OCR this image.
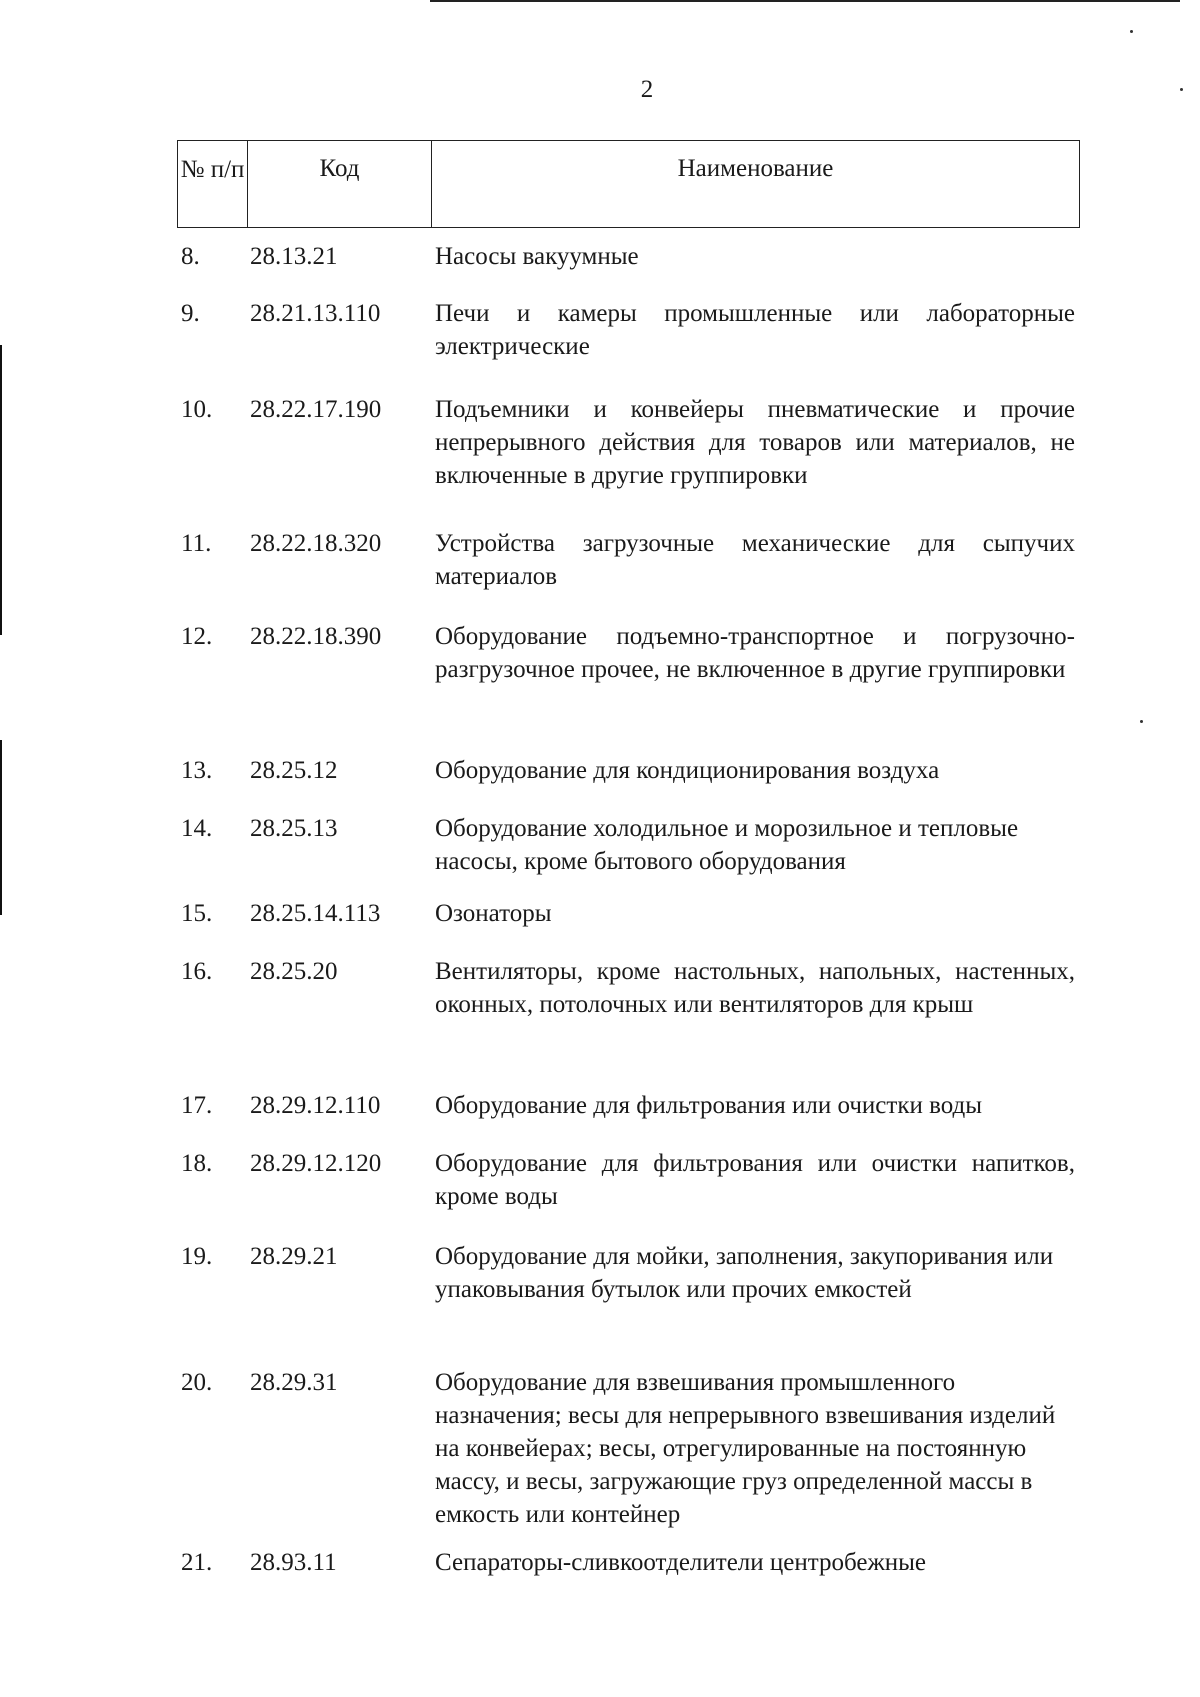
2
№ п/п	Код	Наименование
8. 28.13.21	Насосы вакуумные
9. 28.21.13.110 Печи и камеры промышленные или лабораторные электрические
10. 28.22.17.190 Подъемники и конвейеры пневматические и прочие непрерывного действия для товаров или материалов, не включенные в другие группировки
11. 28.22.18.320 Устройства загрузочные механические для сыпучих материалов
12. 28.22.18.390 Оборудование подъемно-транспортное и погрузочно-разгрузочное прочее, не включенное в другие группировки
13. 28.25.12	Оборудование для кондиционирования воздуха
14. 28.25.13	Оборудование холодильное и морозильное и тепловые насосы, кроме бытового оборудования
15. 28.25.14.113 Озонаторы
16. 28.25.20	Вентиляторы, кроме настольных, напольных, настенных, оконных, потолочных или вентиляторов для крыш
17. 28.29.12.110 Оборудование для фильтрования или очистки воды
18. 28.29.12.120 Оборудование для фильтрования или очистки напитков, кроме воды
19. 28.29.21	Оборудование для мойки, заполнения, закупоривания или упаковывания бутылок или прочих емкостей
20. 28.29.31	Оборудование для взвешивания промышленного назначения; весы для непрерывного взвешивания изделий на конвейерах; весы, отрегулированные на постоянную массу, и весы, загружающие груз определенной массы в емкость или контейнер
21. 28.93.11	Сепараторы-сливкоотделители центробежные
